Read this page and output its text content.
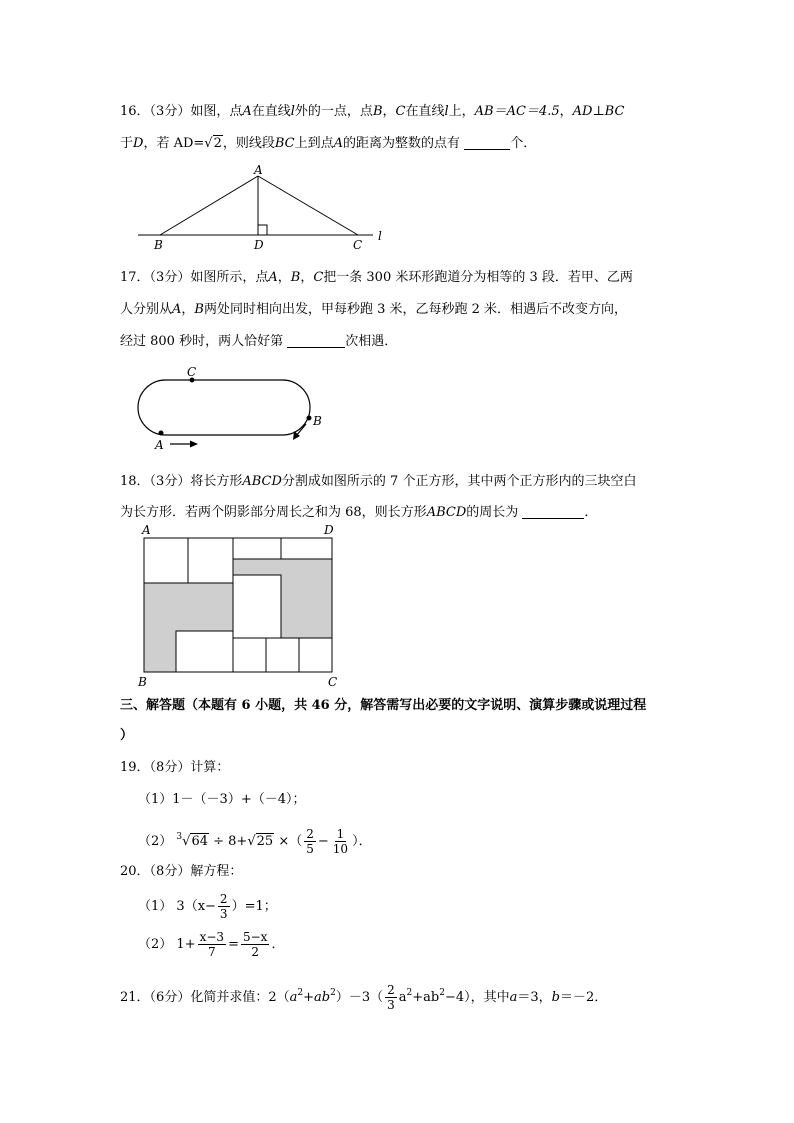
16．（3分）如图，点A在直线l外的一点，点B，C在直线l上，AB＝AC＝4.5，AD⊥BC
于D，若 AD=√2，则线段BC上到点A的距离为整数的点有	个．
A
B	D	C
l
17．（3分）如图所示，点A，B，C把一条 300 米环形跑道分为相等的 3 段．若甲、乙两
人分别从A，B两处同时相向出发，甲每秒跑 3 米，乙每秒跑 2 米．相遇后不改变方向，
经过 800 秒时，两人恰好第	次相遇．
C
A
B
18．（3分）将长方形ABCD分割成如图所示的 7 个正方形，其中两个正方形内的三块空白
为长方形．若两个阴影部分周长之和为 68，则长方形ABCD的周长为	．
A	D
B	C
三、解答题（本题有 6 小题，共 46 分，解答需写出必要的文字说明、演算步骤或说理过程
）
19．（8分）计算：
（1）1－（－3）+（－4）；
（2） $^3$√64 ÷ 8+√25 ×（ $\frac{2}{5} - \frac{1}{10}$ ）．
20．（8分）解方程：
（1） $3(x- \frac{2}{3} )=1$；
（2） $1+ \frac{x-3}{7} = \frac{5-x}{2}$ ．
21．（6分）化简并求值：$2(a^2+ab^2)-3( \frac{2}{3} a^2+ab^2-4)$，其中a＝3，b＝－2．
